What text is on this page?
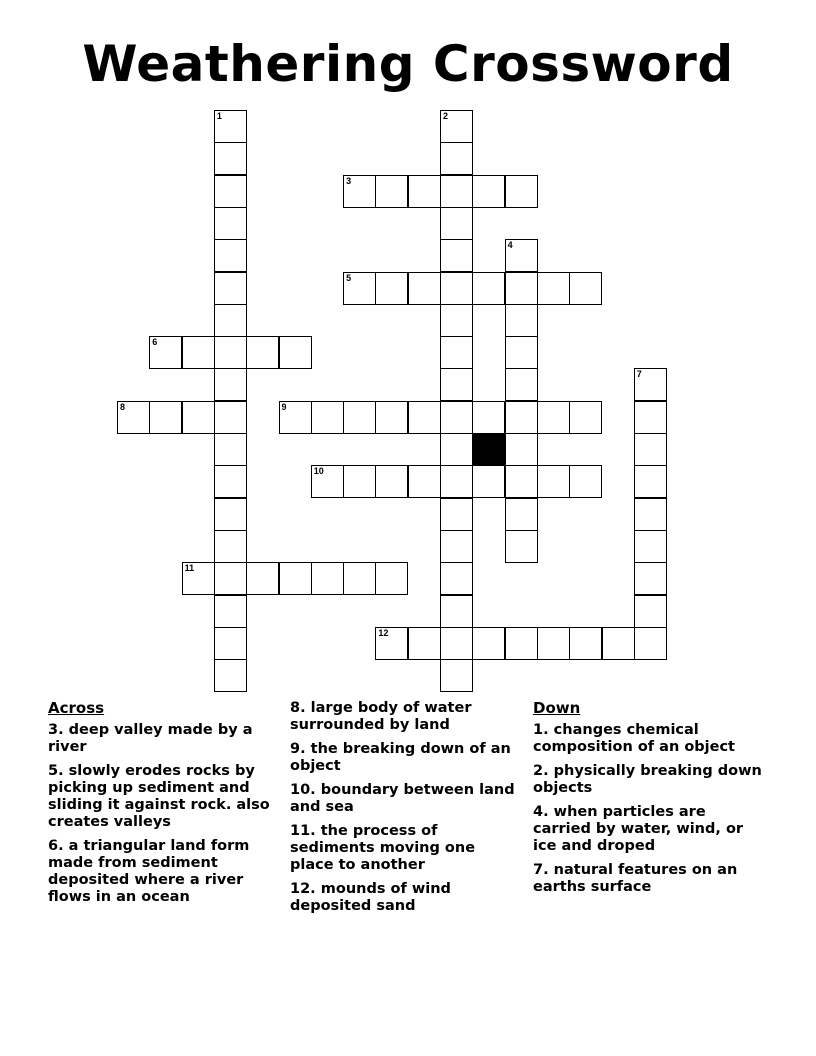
Weathering Crossword
1	2
3
4
5
6
7
8	9
10
11
12
Across
3. deep valley made by a river
5. slowly erodes rocks by picking up sediment and sliding it against rock. also creates valleys
6. a triangular land form made from sediment deposited where a river flows in an ocean
8. large body of water surrounded by land
9. the breaking down of an object
10. boundary between land and sea
11. the process of sediments moving one place to another
12. mounds of wind deposited sand
Down
1. changes chemical composition of an object
2. physically breaking down objects
4. when particles are carried by water, wind, or ice and droped
7. natural features on an earths surface
